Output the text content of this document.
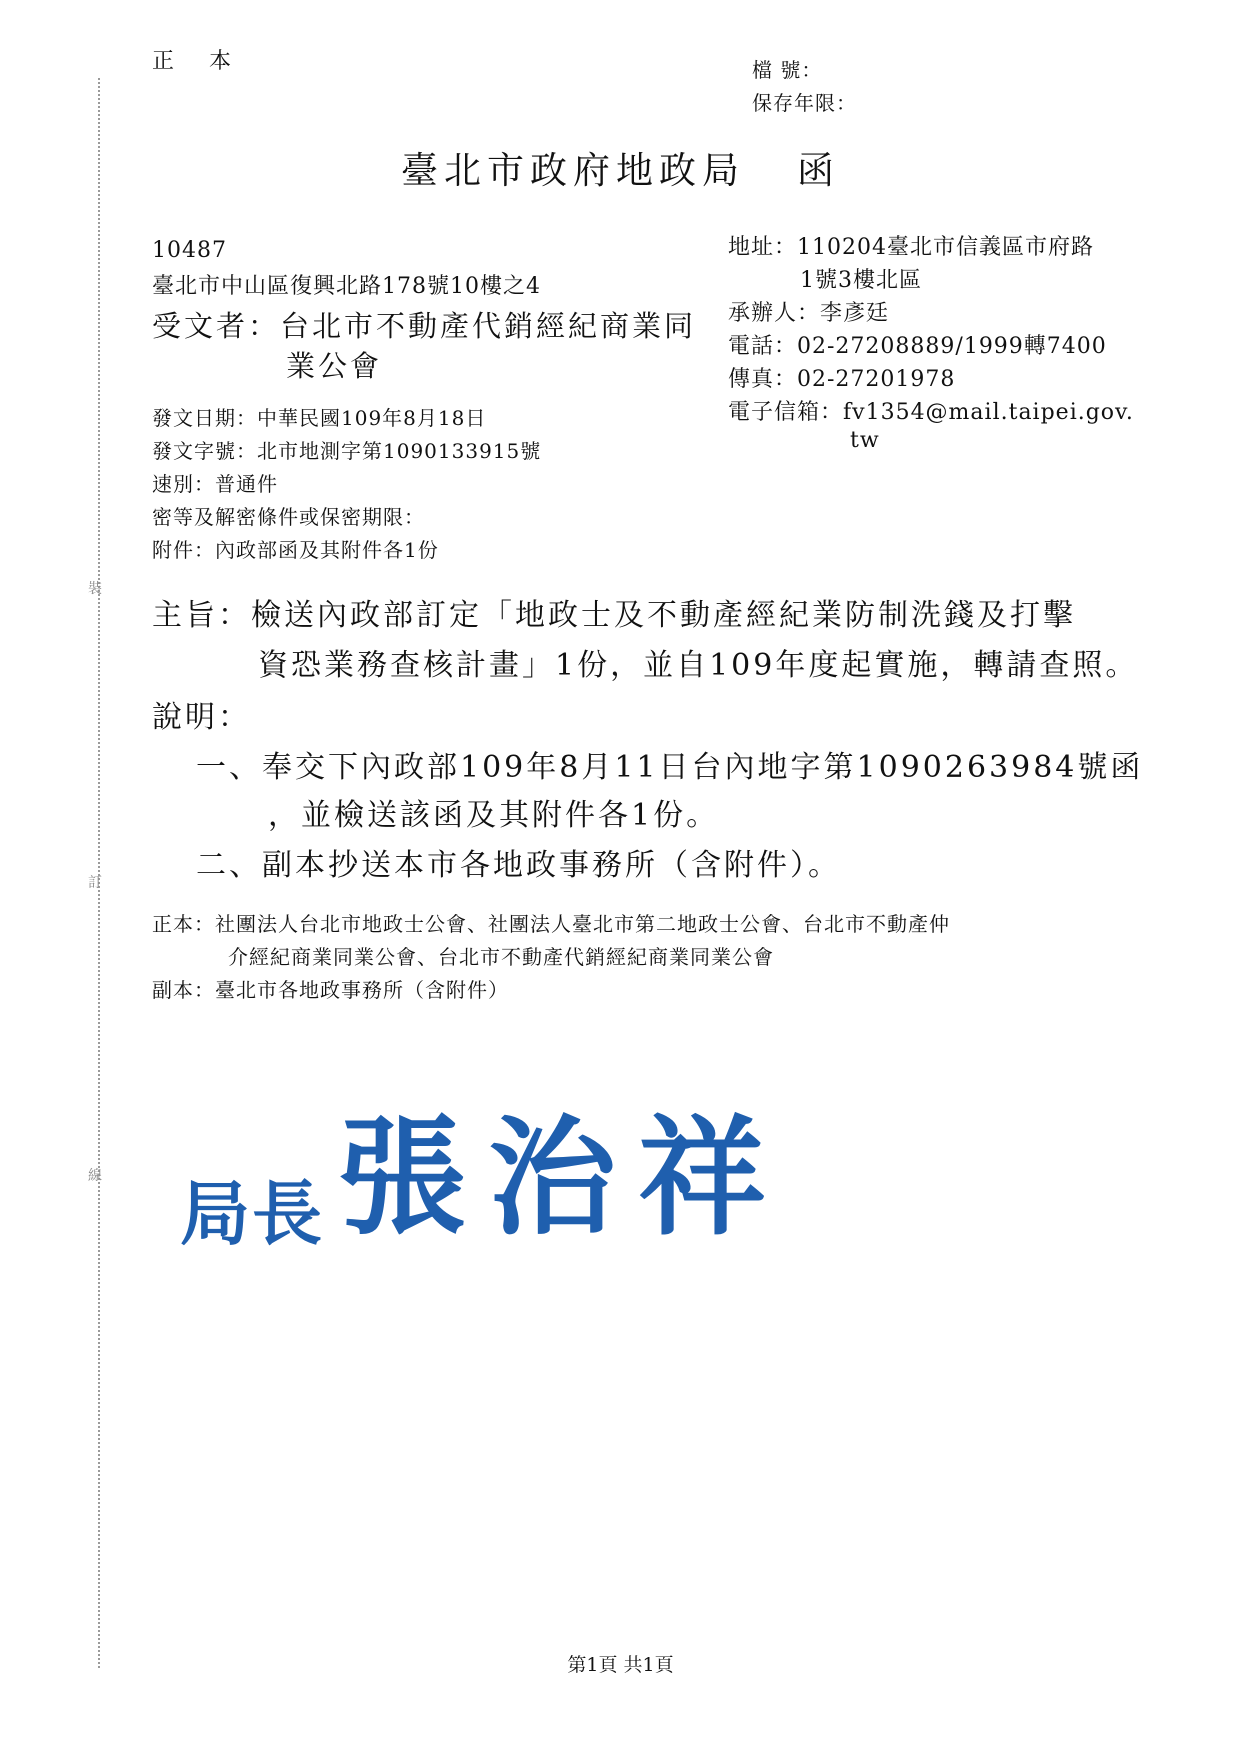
裝
訂
線
正 本	檔 號：
保存年限：
臺北市政府地政局 函
10487
臺北市中山區復興北路178號10樓之4
受文者：台北市不動產代銷經紀商業同
業公會
地址：110204臺北市信義區市府路
1號3樓北區
承辦人：李彥廷
電話：02-27208889/1999轉7400
傳真：02-27201978
電子信箱：fv1354@mail.taipei.gov.
tw
發文日期：中華民國109年8月18日
發文字號：北市地測字第1090133915號
速別：普通件
密等及解密條件或保密期限：
附件：內政部函及其附件各1份
主旨：檢送內政部訂定「地政士及不動產經紀業防制洗錢及打擊
資恐業務查核計畫」1份，並自109年度起實施，轉請查照。
說明：
一、奉交下內政部109年8月11日台內地字第1090263984號函
，並檢送該函及其附件各1份。
二、副本抄送本市各地政事務所（含附件）。
正本：社團法人台北市地政士公會、社團法人臺北市第二地政士公會、台北市不動產仲
介經紀商業同業公會、台北市不動產代銷經紀商業同業公會
副本：臺北市各地政事務所（含附件）
局長 張治祥
第1頁 共1頁
